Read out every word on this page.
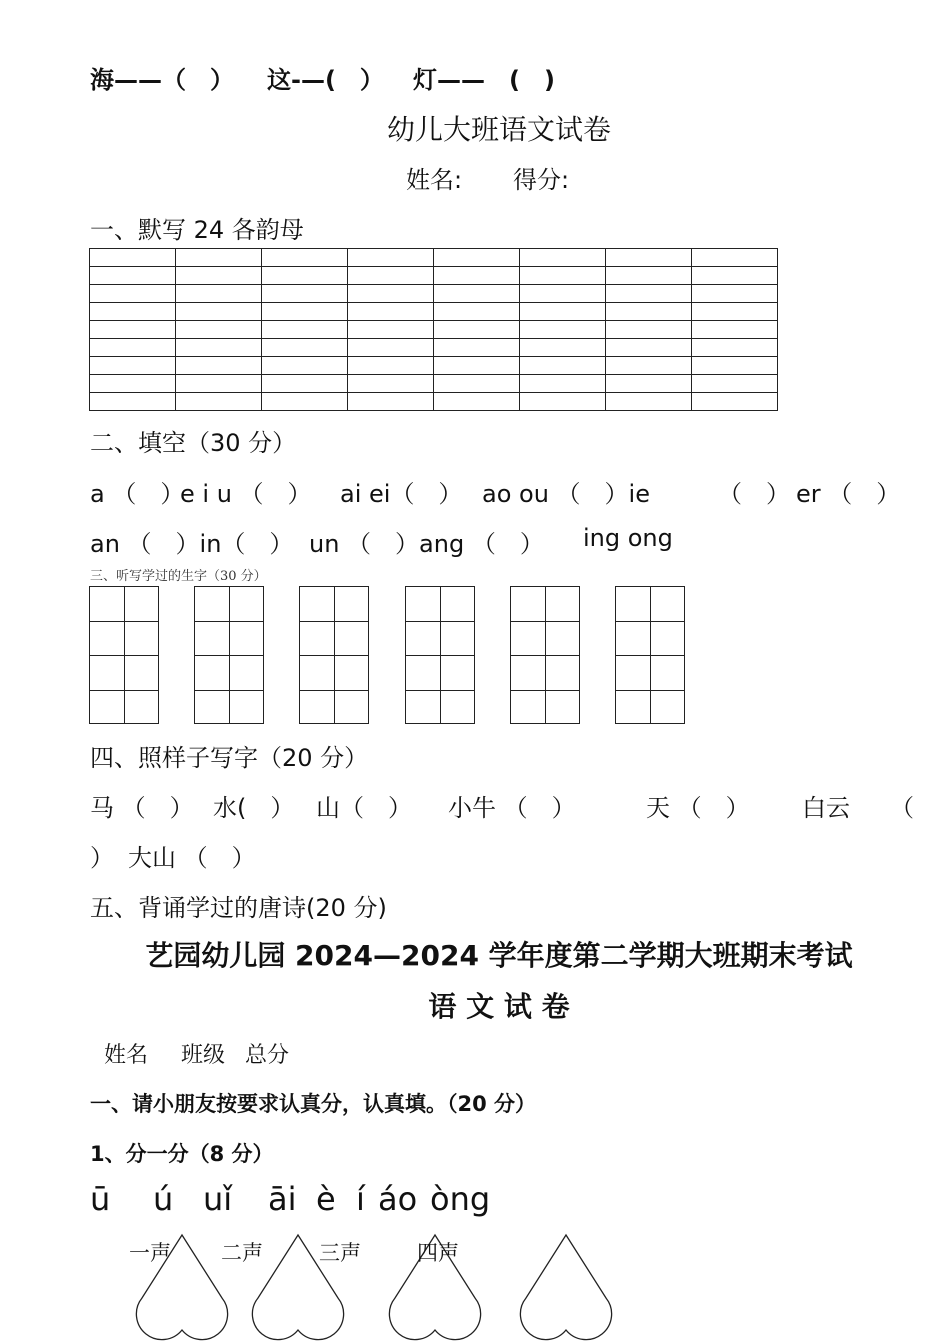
海——（　） 这-—(　） 灯——　(　)
幼儿大班语文试卷
姓名: 得分:
一、默写 24 各韵母

二、填空（30 分）
a （　）
e i u （　） ai ei（　） ao ou （　）ie	（　） er （　）
an （　）in（　） un （　）ang （　） ing ong
三、听写学过的生字（30 分）
四、照样子写字（20 分）
马 （　） 水(　） 山（　） 小牛 （　）	天 （　） 白云 （
） 大山 （　）
五、背诵学过的唐诗(20 分)
艺园幼儿园 2024—2024 学年度第二学期大班期末考试
语 文 试 卷
姓名 班级 总分
一、请小朋友按要求认真分，认真填。（20 分）
1、分一分（8 分）
ū ú uǐ āi è í áo òng
一声 二声	三声	四声
